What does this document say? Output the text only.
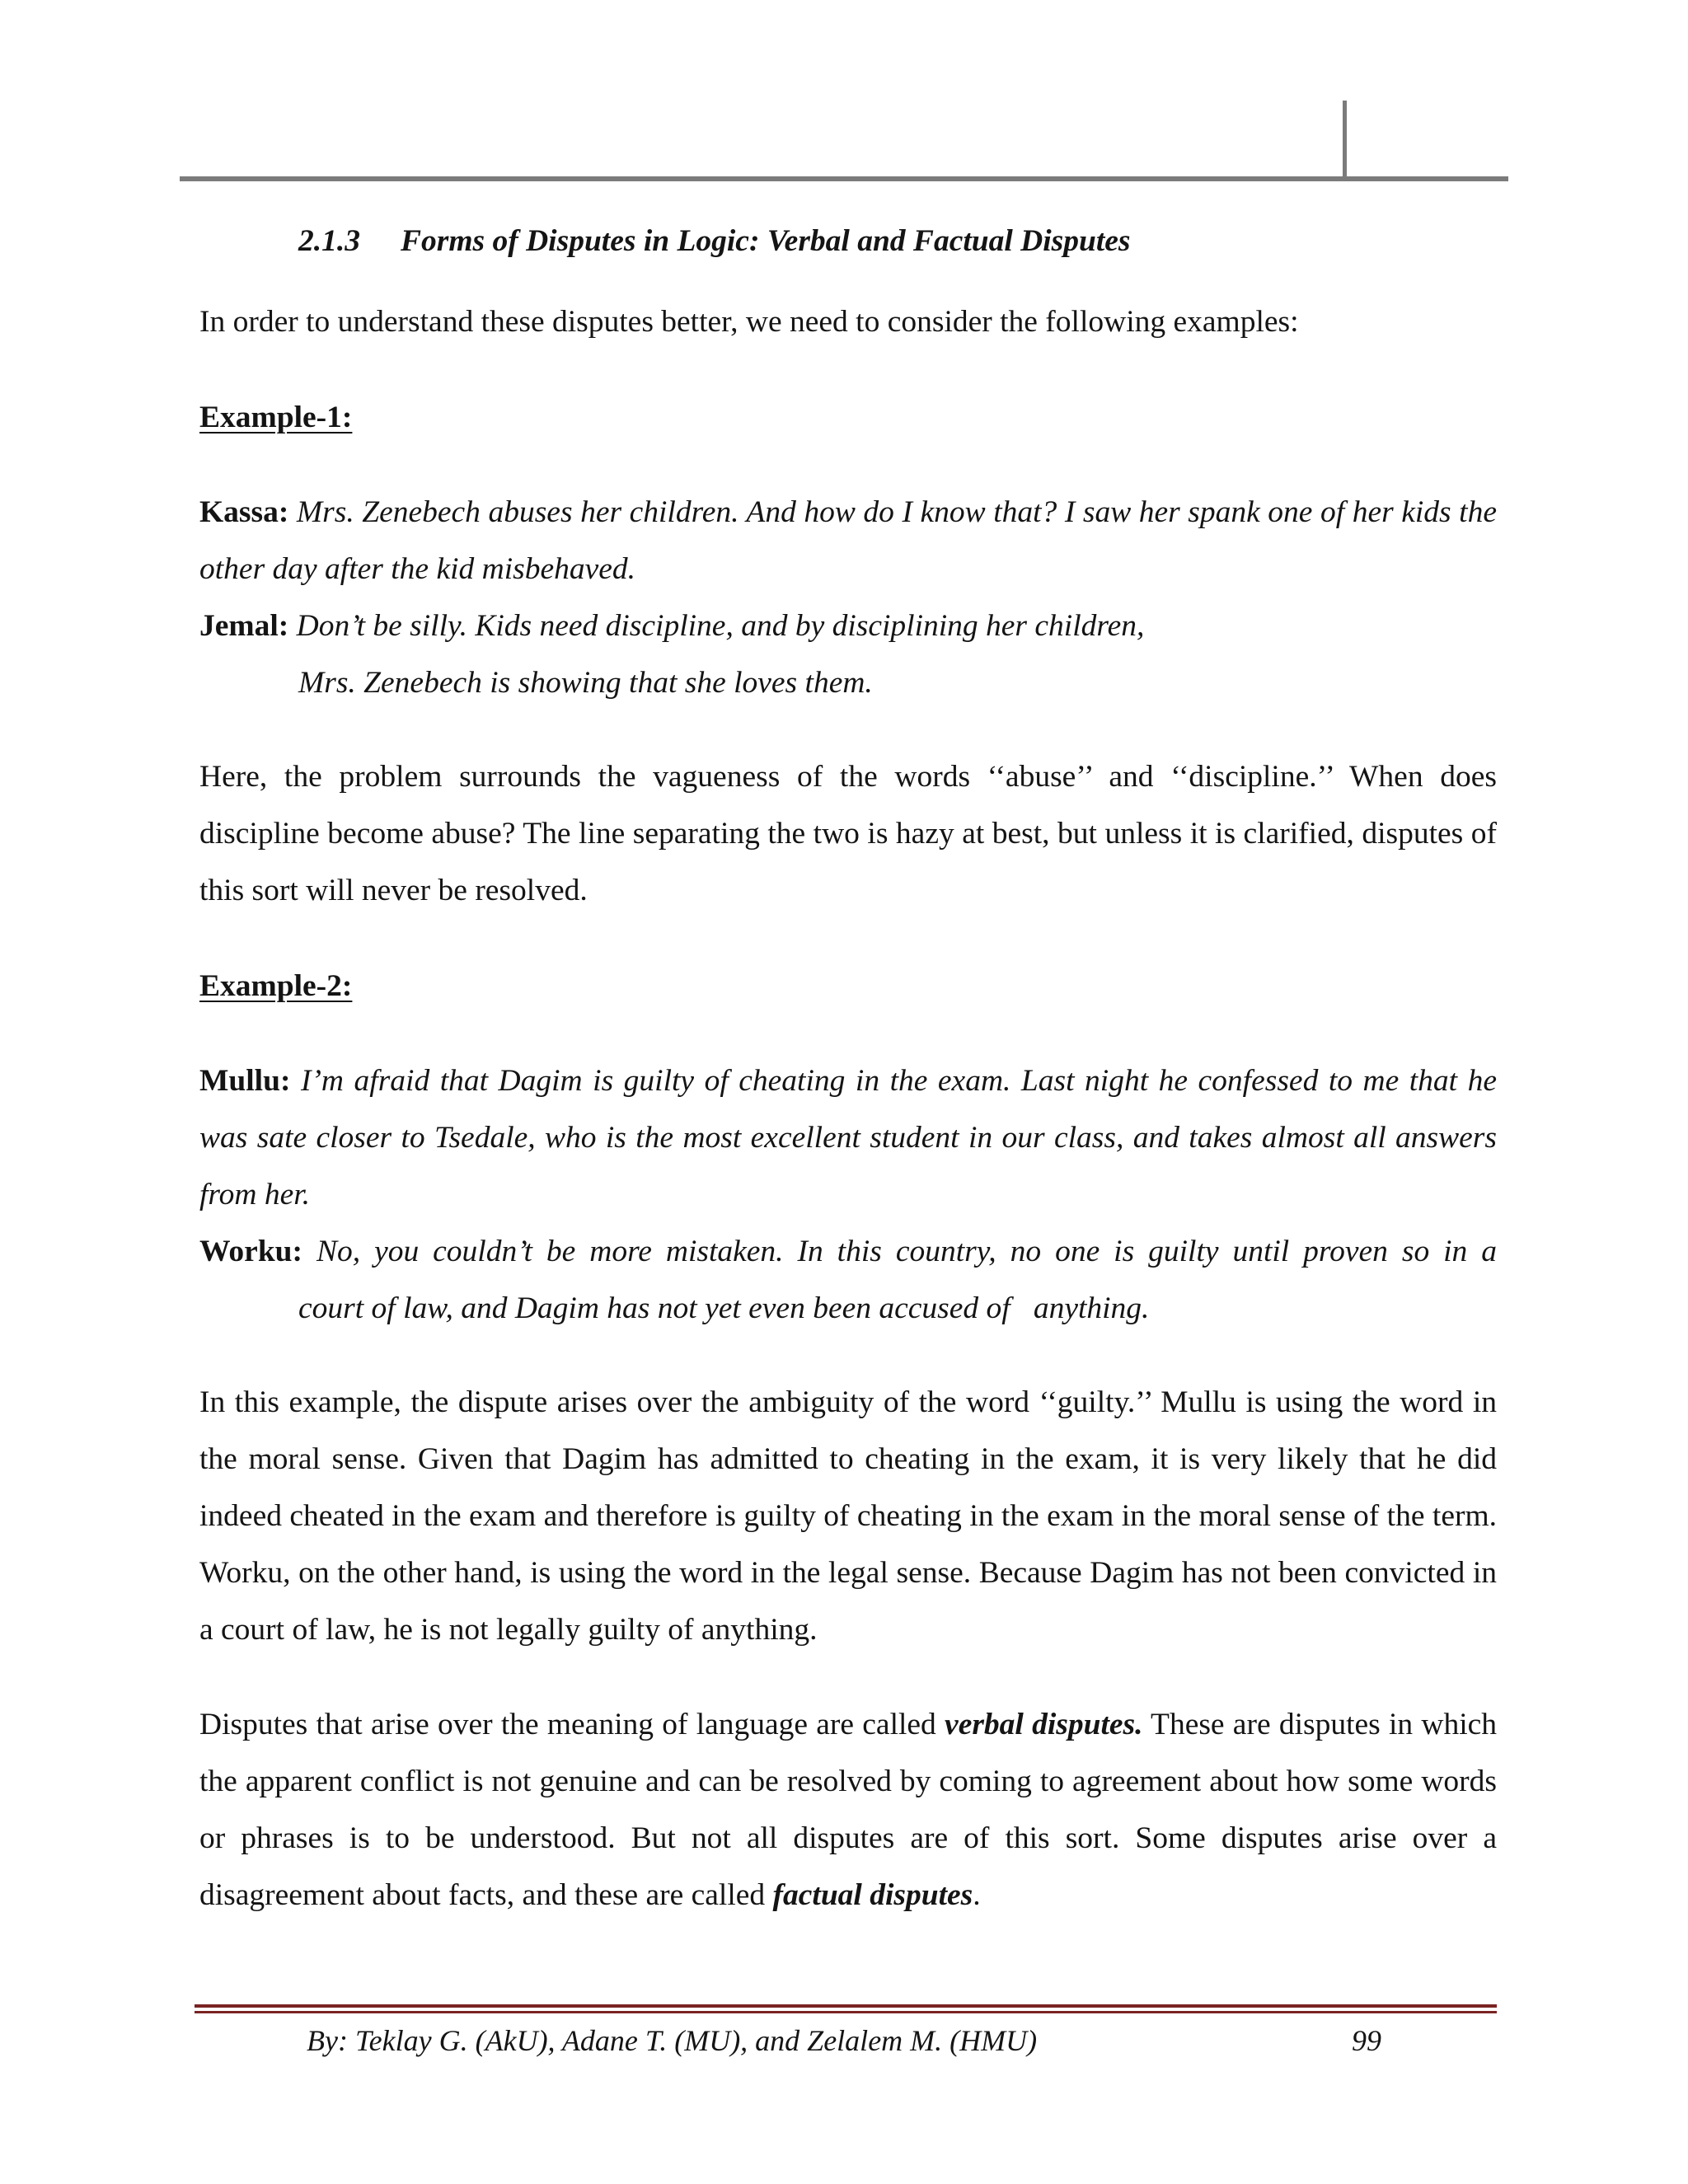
2.1.3 Forms of Disputes in Logic: Verbal and Factual Disputes

In order to understand these disputes better, we need to consider the following examples:

Example-1:

Kassa: Mrs. Zenebech abuses her children. And how do I know that? I saw her spank one of her kids the other day after the kid misbehaved.

Jemal: Don’t be silly. Kids need discipline, and by disciplining her children,

Mrs. Zenebech is showing that she loves them.

Here, the problem surrounds the vagueness of the words ‘‘abuse’’ and ‘‘discipline.’’ When does discipline become abuse? The line separating the two is hazy at best, but unless it is clarified, disputes of this sort will never be resolved.

Example-2:

Mullu: I’m afraid that Dagim is guilty of cheating in the exam. Last night he confessed to me that he was sate closer to Tsedale, who is the most excellent student in our class, and takes almost all answers from her.

Worku: No, you couldn’t be more mistaken. In this country, no one is guilty until proven so in a

court of law, and Dagim has not yet even been accused of   anything.

In this example, the dispute arises over the ambiguity of the word ‘‘guilty.’’ Mullu is using the word in the moral sense. Given that Dagim has admitted to cheating in the exam, it is very likely that he did indeed cheated in the exam and therefore is guilty of cheating in the exam in the moral sense of the term. Worku, on the other hand, is using the word in the legal sense. Because Dagim has not been convicted in a court of law, he is not legally guilty of anything.

Disputes that arise over the meaning of language are called verbal disputes. These are disputes in which the apparent conflict is not genuine and can be resolved by coming to agreement about how some words or phrases is to be understood. But not all disputes are of this sort. Some disputes arise over a disagreement about facts, and these are called factual disputes.

By: Teklay G. (AkU), Adane T. (MU), and Zelalem M. (HMU)	99
